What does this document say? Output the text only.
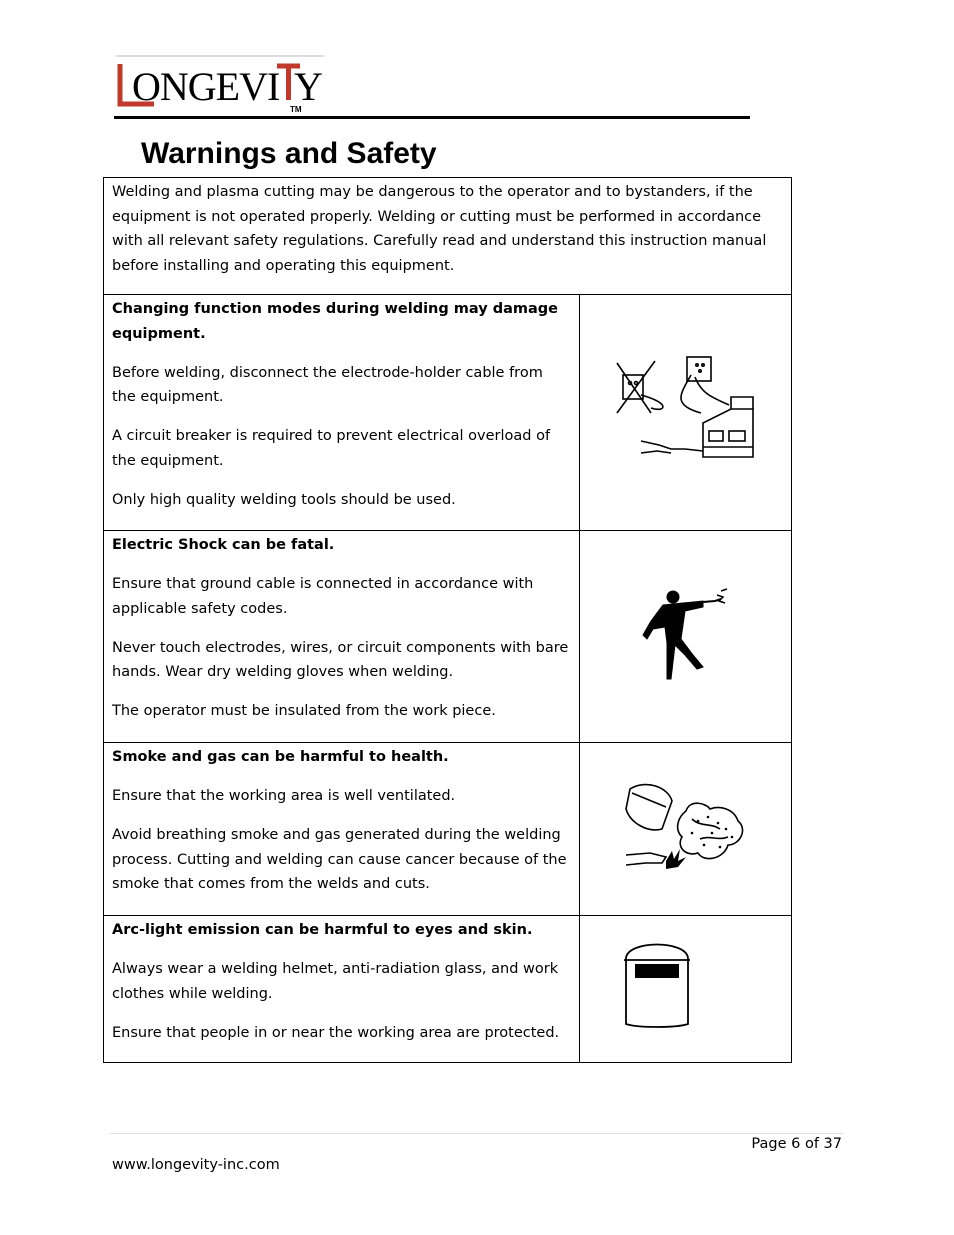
ONGEVI Y
TM
Warnings and Safety

Welding and plasma cutting may be dangerous to the operator and to bystanders, if the equipment is not operated properly. Welding or cutting must be performed in accordance with all relevant safety regulations. Carefully read and understand this instruction manual before installing and operating this equipment.	

Changing function modes during welding may damage equipment.

Before welding, disconnect the electrode-holder cable from the equipment.

A circuit breaker is required to prevent electrical overload of the equipment.

Only high quality welding tools should be used.

Electric Shock can be fatal.

Ensure that ground cable is connected in accordance with applicable safety codes.

Never touch electrodes, wires, or circuit components with bare hands. Wear dry welding gloves when welding.

The operator must be insulated from the work piece.

Smoke and gas can be harmful to health.

Ensure that the working area is well ventilated.

Avoid breathing smoke and gas generated during the welding process. Cutting and welding can cause cancer because of the smoke that comes from the welds and cuts.

Arc-light emission can be harmful to eyes and skin.

Always wear a welding helmet, anti-radiation glass, and work clothes while welding.

Ensure that people in or near the working area are protected.

Page 6 of 37
www.longevity-inc.com
